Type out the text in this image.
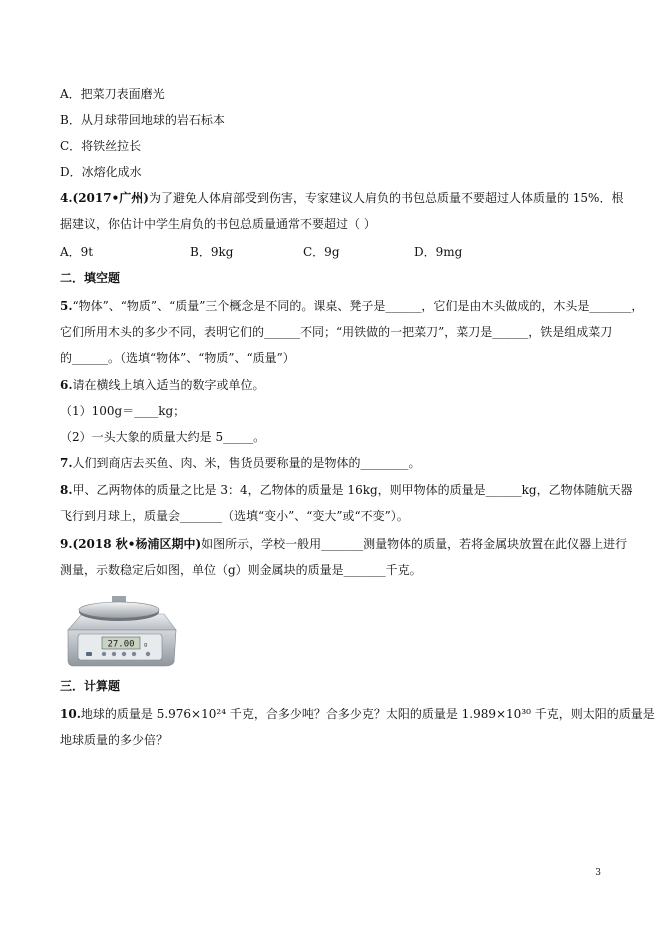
A．把菜刀表面磨光
B．从月球带回地球的岩石标本
C．将铁丝拉长
D．冰熔化成水
4.(2017•广州)为了避免人体肩部受到伤害，专家建议人肩负的书包总质量不要超过人体质量的 15%．根
据建议，你估计中学生肩负的书包总质量通常不要超过（ ）
A．9t	B．9kg	C．9g	D．9mg
二．填空题
5.“物体”、“物质”、“质量”三个概念是不同的。课桌、凳子是______，它们是由木头做成的，木头是_______，
它们所用木头的多少不同，表明它们的______不同；“用铁做的一把菜刀”，菜刀是______，铁是组成菜刀
的______。（选填“物体”、“物质”、“质量”）
6.请在横线上填入适当的数字或单位。
（1）100g＝____kg；
（2）一头大象的质量大约是 5_____。
7.人们到商店去买鱼、肉、米，售货员要称量的是物体的________。
8.甲、乙两物体的质量之比是 3：4，乙物体的质量是 16kg，则甲物体的质量是______kg，乙物体随航天器
飞行到月球上，质量会_______（选填“变小”、“变大”或“不变”）。
9.(2018 秋•杨浦区期中)如图所示，学校一般用_______测量物体的质量，若将金属块放置在此仪器上进行
测量，示数稳定后如图，单位（g）则金属块的质量是_______千克。
27.00 g
三．计算题
10.地球的质量是 5.976×10²⁴ 千克，合多少吨？合多少克？太阳的质量是 1.989×10³⁰ 千克，则太阳的质量是
地球质量的多少倍？
3
